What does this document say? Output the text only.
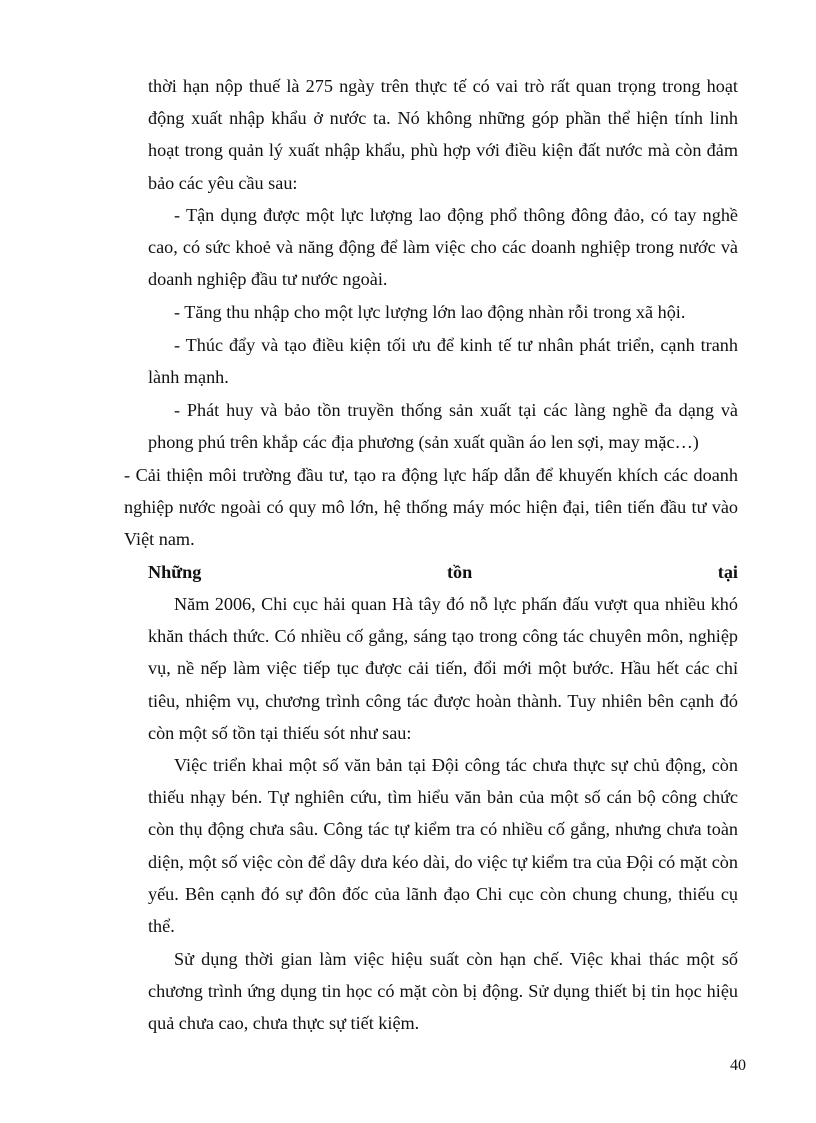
thời hạn nộp thuế là 275 ngày trên thực tế có vai trò rất quan trọng trong hoạt động xuất nhập khẩu ở nước ta. Nó không những góp phần thể hiện tính linh hoạt trong quản lý xuất nhập khẩu, phù hợp với điều kiện đất nước mà còn đảm bảo các yêu cầu sau:

- Tận dụng được một lực lượng lao động phổ thông đông đảo, có tay nghề cao, có sức khoẻ và năng động để làm việc cho các doanh nghiệp trong nước và doanh nghiệp đầu tư nước ngoài.

- Tăng thu nhập cho một lực lượng lớn lao động nhàn rỗi trong xã hội.

- Thúc đẩy và tạo điều kiện tối ưu để kinh tế tư nhân phát triển, cạnh tranh lành mạnh.

- Phát huy và bảo tồn truyền thống sản xuất tại các làng nghề đa dạng và phong phú trên khắp các địa phương (sản xuất quần áo len sợi, may mặc…)

- Cải thiện môi trường đầu tư, tạo ra động lực hấp dẫn để khuyến khích các doanh nghiệp nước ngoài có quy mô lớn, hệ thống máy móc hiện đại, tiên tiến đầu tư vào Việt nam.

Những	tồn	tại

Năm 2006, Chi cục hải quan Hà tây đó nỗ lực phấn đấu vượt qua nhiều khó khăn thách thức. Có nhiều cố gắng, sáng tạo trong công tác chuyên môn, nghiệp vụ, nề nếp làm việc tiếp tục được cải tiến, đổi mới một bước. Hầu hết các chỉ tiêu, nhiệm vụ, chương trình công tác được hoàn thành. Tuy nhiên bên cạnh đó còn một số tồn tại thiếu sót như sau:

Việc triển khai một số văn bản tại Đội công tác chưa thực sự chủ động, còn thiếu nhạy bén. Tự nghiên cứu, tìm hiểu văn bản của một số cán bộ công chức còn thụ động chưa sâu. Công tác tự kiểm tra có nhiều cố gắng, nhưng chưa toàn diện, một số việc còn để dây dưa kéo dài, do việc tự kiểm tra của Đội có mặt còn yếu. Bên cạnh đó sự đôn đốc của lãnh đạo Chi cục còn chung chung, thiếu cụ thể.

Sử dụng thời gian làm việc hiệu suất còn hạn chế. Việc khai thác một số chương trình ứng dụng tin học có mặt còn bị động. Sử dụng thiết bị tin học hiệu quả chưa cao, chưa thực sự tiết kiệm.

40
